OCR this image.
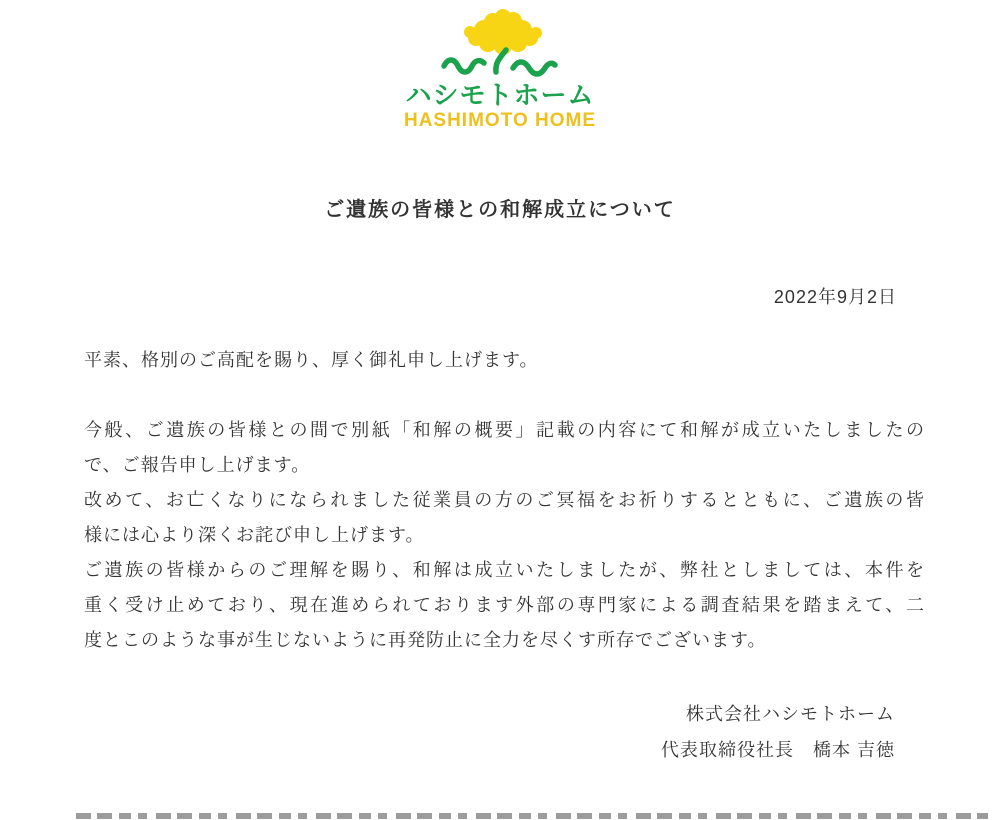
ハシモトホーム
HASHIMOTO HOME
ご遺族の皆様との和解成立について
2022年9月2日
平素、格別のご高配を賜り、厚く御礼申し上げます。
今般、ご遺族の皆様との間で別紙「和解の概要」記載の内容にて和解が成立いたしましたの
で、ご報告申し上げます。
改めて、お亡くなりになられました従業員の方のご冥福をお祈りするとともに、ご遺族の皆
様には心より深くお詫び申し上げます。
ご遺族の皆様からのご理解を賜り、和解は成立いたしましたが、弊社としましては、本件を
重く受け止めており、現在進められております外部の専門家による調査結果を踏まえて、二
度とこのような事が生じないように再発防止に全力を尽くす所存でございます。
株式会社ハシモトホーム
代表取締役社長　橋本 吉徳
